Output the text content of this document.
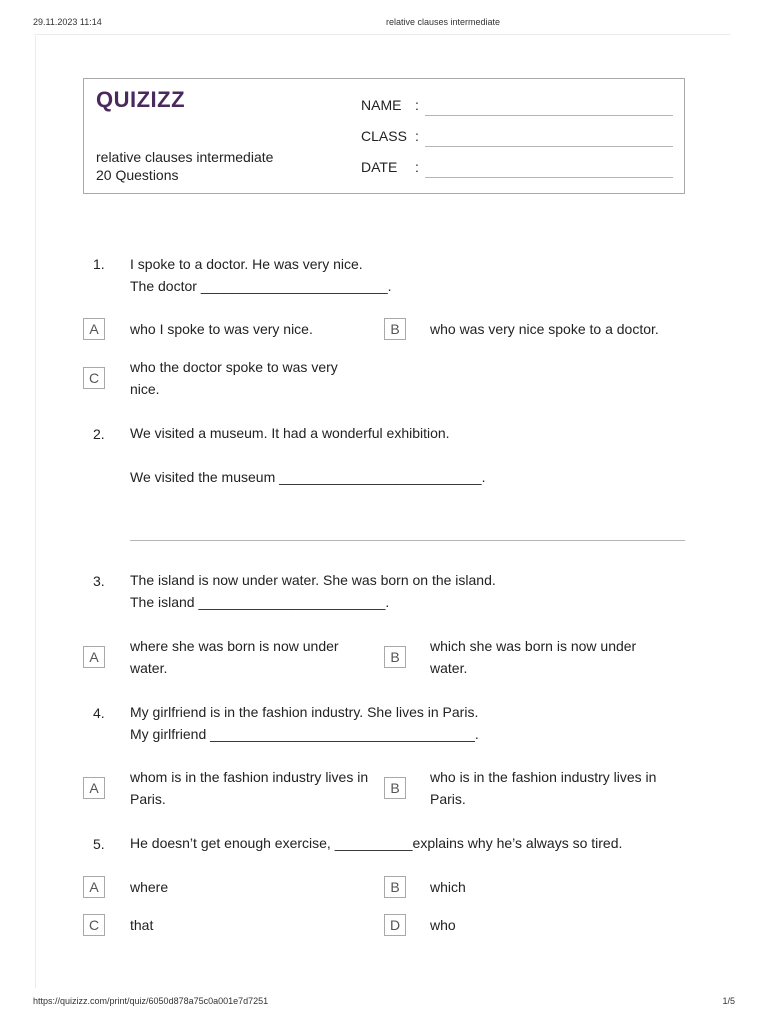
29.11.2023 11:14	relative clauses intermediate
https://quizizz.com/print/quiz/6050d878a75c0a001e7d7251	1/5
QUIZIZZ
relative clauses intermediate
20 Questions
NAME :
CLASS :
DATE :
1. I spoke to a doctor. He was very nice.
The doctor ________________________.
A	who I spoke to was very nice.	B	who was very nice spoke to a doctor.
C
who the doctor spoke to was very nice.
2. We visited a museum. It had a wonderful exhibition.

We visited the museum __________________________.
3. The island is now under water. She was born on the island.
The island ________________________.
A
where she was born is now under water.
B
which she was born is now under water.
4. My girlfriend is in the fashion industry. She lives in Paris.
My girlfriend __________________________________.
A
whom is in the fashion industry lives in Paris.
B
who is in the fashion industry lives in Paris.
5. He doesn’t get enough exercise, __________explains why he’s always so tired.
A	where	B	which
C	that	D	who
